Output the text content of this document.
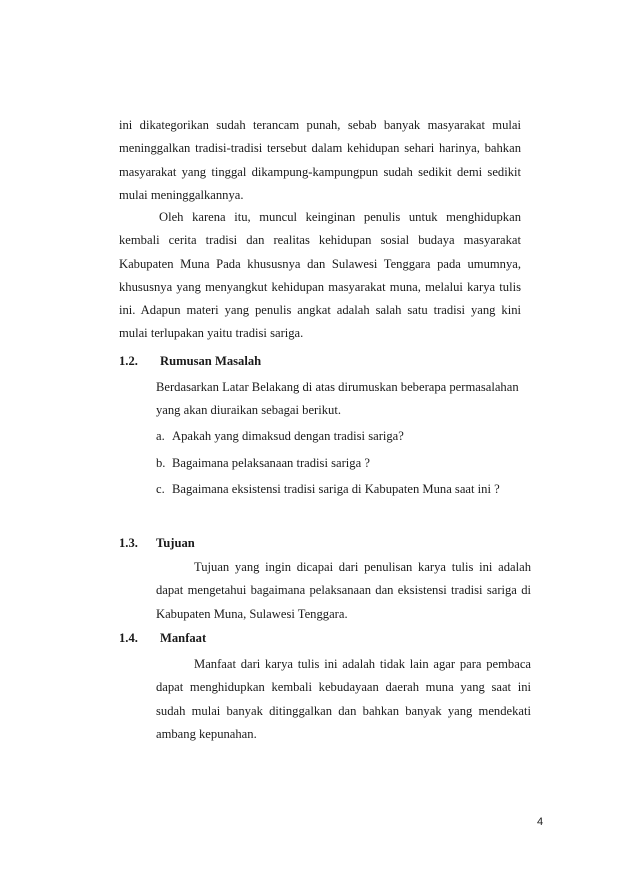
ini dikategorikan sudah terancam punah, sebab banyak masyarakat mulai meninggalkan tradisi-tradisi tersebut dalam kehidupan sehari harinya, bahkan masyarakat yang tinggal dikampung-kampungpun sudah sedikit demi sedikit mulai meninggalkannya.
Oleh karena itu, muncul keinginan penulis untuk menghidupkan kembali cerita tradisi dan realitas kehidupan sosial budaya masyarakat Kabupaten Muna Pada khususnya dan Sulawesi Tenggara pada umumnya, khususnya yang menyangkut kehidupan masyarakat muna, melalui karya tulis ini. Adapun materi yang penulis angkat adalah salah satu tradisi yang kini mulai terlupakan yaitu tradisi sariga.
1.2. Rumusan Masalah
Berdasarkan Latar Belakang di atas dirumuskan beberapa permasalahan yang akan diuraikan sebagai berikut.
a. Apakah yang dimaksud dengan tradisi sariga?
b. Bagaimana pelaksanaan tradisi sariga ?
c. Bagaimana eksistensi tradisi sariga di Kabupaten Muna saat ini ?
1.3. Tujuan
Tujuan yang ingin dicapai dari penulisan karya tulis ini adalah dapat mengetahui bagaimana pelaksanaan dan eksistensi tradisi sariga di Kabupaten Muna, Sulawesi Tenggara.
1.4. Manfaat
Manfaat dari karya tulis ini adalah tidak lain agar para pembaca dapat menghidupkan kembali kebudayaan daerah muna yang saat ini sudah mulai banyak ditinggalkan dan bahkan banyak yang mendekati ambang kepunahan.
4
